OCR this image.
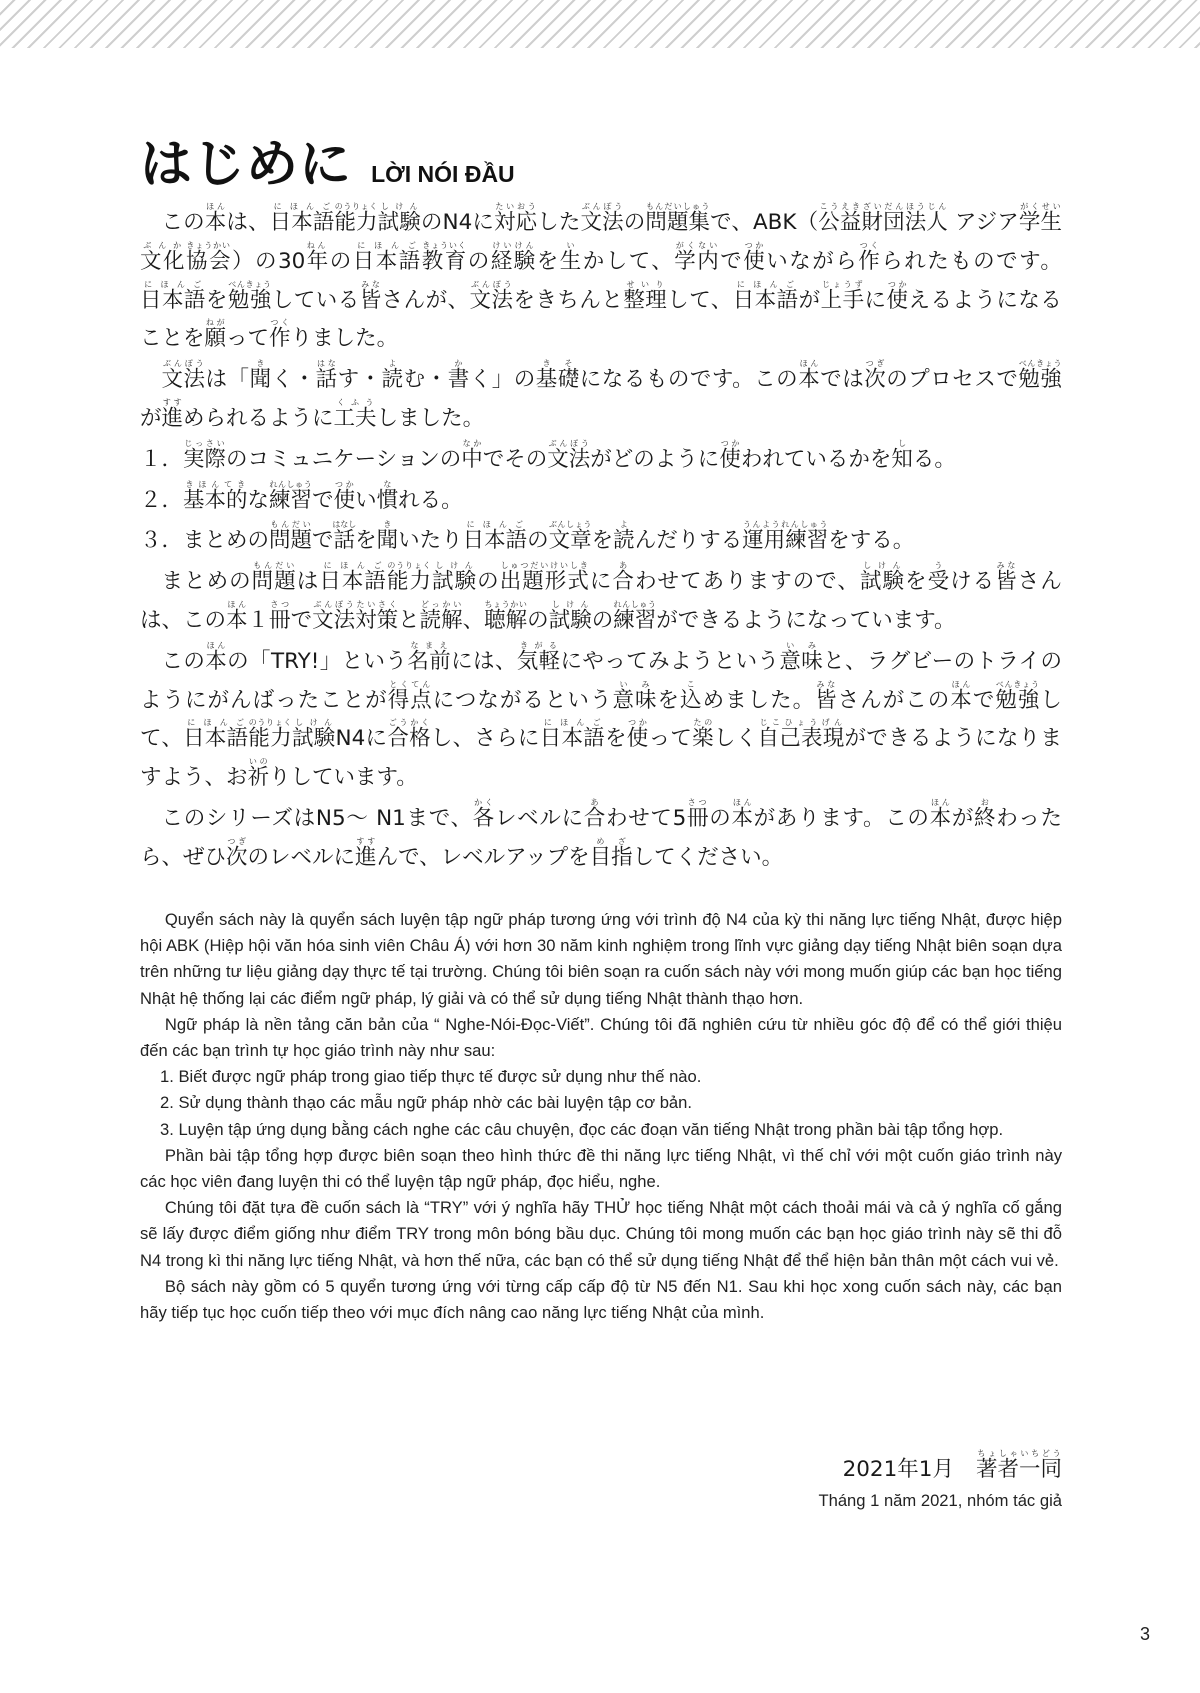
はじめに LỜI NÓI ĐẦU

この本ほんは、日本語にほんご能力のうりょく試験しけんのN4に対応たいおうした文法ぶんぽうの問題集もんだいしゅうで、ABK（公益財団法人こうえきざいだんほうじん アジア学生がくせい文化ぶんか協会きょうかい）の30年ねんの日本語にほんご教育きょういくの経験けいけんを生いかして、学内がくないで使つかいながら作つくられたものです。日本語にほんごを勉強べんきょうしている皆みなさんが、文法ぶんぽうをきちんと整理せいりして、日本語にほんごが上手じょうずに使つかえるようになることを願ねがって作つくりました。

文法ぶんぽうは「聞きく・話はなす・読よむ・書かく」の基礎きそになるものです。この本ほんでは次つぎのプロセスで勉強べんきょうが進すすめられるように工夫くふうしました。

１．実際じっさいのコミュニケーションの中なかでその文法ぶんぽうがどのように使つかわれているかを知しる。

２．基本的きほんてきな練習れんしゅうで使つかい慣なれる。

３．まとめの問題もんだいで話はなしを聞きいたり日本語にほんごの文章ぶんしょうを読よんだりする運用練習うんようれんしゅうをする。

まとめの問題もんだいは日本語にほんご能力のうりょく試験しけんの出題形式しゅつだいけいしきに合あわせてありますので、試験しけんを受うける皆みなさんは、この本ほん１冊さつで文法ぶんぽう対策たいさくと読解どっかい、聴解ちょうかいの試験しけんの練習れんしゅうができるようになっています。

この本ほんの「TRY!」という名前なまえには、気軽きがるにやってみようという意味いみと、ラグビーのトライのようにがんばったことが得点とくてんにつながるという意味いみを込こめました。皆みなさんがこの本ほんで勉強べんきょうして、日本語にほんご能力のうりょく試験しけんN4に合格ごうかくし、さらに日本語にほんごを使つかって楽たのしく自己表現じこひょうげんができるようになりますよう、お祈いのりしています。

このシリーズはN5～ N1まで、各かくレベルに合あわせて5冊さつの本ほんがあります。この本ほんが終おわったら、ぜひ次つぎのレベルに進すすんで、レベルアップを目指めざしてください。

Quyển sách này là quyển sách luyện tập ngữ pháp tương ứng với trình độ N4 của kỳ thi năng lực tiếng Nhật, được hiệp hội ABK (Hiệp hội văn hóa sinh viên Châu Á) với hơn 30 năm kinh nghiệm trong lĩnh vực giảng dạy tiếng Nhật biên soạn dựa trên những tư liệu giảng dạy thực tế tại trường. Chúng tôi biên soạn ra cuốn sách này với mong muốn giúp các bạn học tiếng Nhật hệ thống lại các điểm ngữ pháp, lý giải và có thể sử dụng tiếng Nhật thành thạo hơn.

Ngữ pháp là nền tảng căn bản của “ Nghe-Nói-Đọc-Viết”. Chúng tôi đã nghiên cứu từ nhiều góc độ để có thể giới thiệu đến các bạn trình tự học giáo trình này như sau:

1. Biết được ngữ pháp trong giao tiếp thực tế được sử dụng như thế nào.

2. Sử dụng thành thạo các mẫu ngữ pháp nhờ các bài luyện tập cơ bản.

3. Luyện tập ứng dụng bằng cách nghe các câu chuyện, đọc các đoạn văn tiếng Nhật trong phần bài tập tổng hợp.

Phần bài tập tổng hợp được biên soạn theo hình thức đề thi năng lực tiếng Nhật, vì thế chỉ với một cuốn giáo trình này các học viên đang luyện thi có thể luyện tập ngữ pháp, đọc hiểu, nghe.

Chúng tôi đặt tựa đề cuốn sách là “TRY” với ý nghĩa hãy THỬ học tiếng Nhật một cách thoải mái và cả ý nghĩa cố gắng sẽ lấy được điểm giống như điểm TRY trong môn bóng bầu dục. Chúng tôi mong muốn các bạn học giáo trình này sẽ thi đỗ N4 trong kì thi năng lực tiếng Nhật, và hơn thế nữa, các bạn có thể sử dụng tiếng Nhật để thể hiện bản thân một cách vui vẻ.

Bộ sách này gồm có 5 quyển tương ứng với từng cấp cấp độ từ N5 đến N1. Sau khi học xong cuốn sách này, các bạn hãy tiếp tục học cuốn tiếp theo với mục đích nâng cao năng lực tiếng Nhật của mình.

2021年1月 著者一同ちょしゃいちどう
Tháng 1 năm 2021, nhóm tác giả
3
